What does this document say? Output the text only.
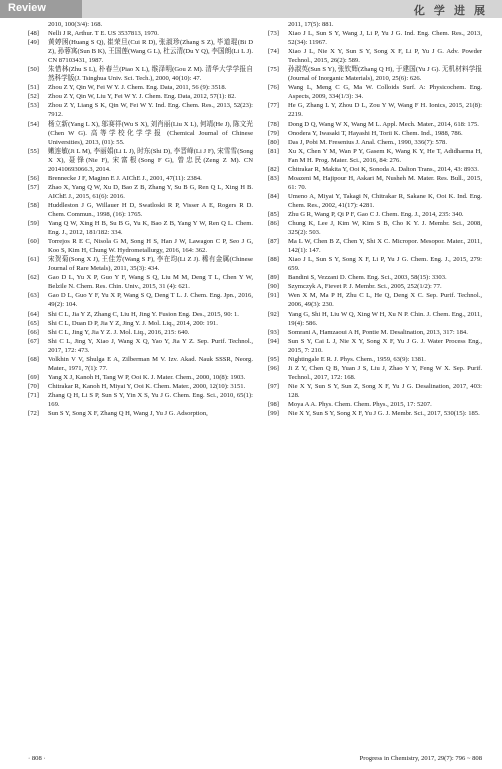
Review	化 学 进 展
2010, 100(3/4): 168.
[48] Nelli J R, Arthur. T E. US 3537813, 1970.
[49] 黄婷困(Huang S Q), 崔荣旦(Cui R D), 张淑珍(Zhang S Z), 毕道琨(Bi D Z), 孙蓉寓(Sun B K), 王国莲(Wang G L), 杜云清(Du Y Q), 李国朗(Li L J). CN 87103431, 1987.
[50] 朱惜林(Zhu S L), 朴春兰(Piao X L), 缑泽明(Gou Z M). 清华大学学报自然科学版(J. Tsinghua Univ. Sci. Tech.), 2000, 40(10): 47.
[51] Zhou Z Y, Qin W, Fei W Y. J. Chem. Eng. Data, 2011, 56 (9): 3518.
[52] Zhou Z Y, Qin W, Liu Y, Fei W Y. J. Chem. Eng. Data, 2012, 57(1): 82.
[53] Zhou Z Y, Liang S K, Qin W, Fei W Y. Ind. Eng. Chem. Res., 2013, 52(23): 7912.
[54] 杨立新(Yang L X), 邬赛祥(Wu S X), 刘肖丽(Liu X L), 何靖(He J), 陈文光(Chen W G). 高等学校化学学报 (Chemical Journal of Chinese Universities), 2013, (01): 55.
[55] 嫩连敏(Ji L M), 李丽娟(Li L J), 时东(Shi D), 李晋峰(Li J F), 宋雪雪(Song X X), 聂锋(Nie F), 宋富根(Song F G), 曾忠民(Zeng Z M). CN 201410693066.3, 2014.
[56] Brennecke J F, Maginn E J. AIChE J., 2001, 47(11): 2384.
[57] Zhao X, Yang Q W, Xu D, Bao Z B, Zhang Y, Su B G, Ren Q L, Xing H B. AIChE J., 2015, 61(6): 2016.
[58] Huddleston J G, Willauer H D, Swatloski R P, Visser A E, Rogers R D. Chem. Commun., 1998, (16): 1765.
[59] Yang Q W, Xing H B, Su B G, Yu K, Bao Z B, Yang Y W, Ren Q L. Chem. Eng. J., 2012, 181/182: 334.
[60] Torrejos R E C, Nisola G M, Song H S, Han J W, Lawagon C P, Seo J G, Koo S, Kim H, Chung W. Hydrometallurgy, 2016, 164: 362.
[61] 宋贺菊(Song X J), 王佳芳(Wang S F), 李在均(Li Z J). 稀有金属(Chinese Journal of Rare Metals), 2011, 35(3): 434.
[62] Gao D L, Yu X P, Guo Y F, Wang S Q, Liu M M, Deng T L, Chen Y W, Belzile N. Chem. Res. Chin. Univ., 2015, 31 (4): 621.
[63] Gao D L, Guo Y F, Yu X P, Wang S Q, Deng T L. J. Chem. Eng. Jpn., 2016, 49(2): 104.
[64] Shi C L, Jia Y Z, Zhang C, Liu H, Jing Y. Fusion Eng. Des., 2015, 90: 1.
[65] Shi C L, Duan D P, Jia Y Z, Jing Y. J. Mol. Liq., 2014, 200: 191.
[66] Shi C L, Jing Y, Jia Y Z. J. Mol. Liq., 2016, 215: 640.
[67] Shi C L, Jing Y, Xiao J, Wang X Q, Yao Y, Jia Y Z. Sep. Purif. Technol., 2017, 172: 473.
[68] Volkhin V V, Shulga E A, Zilberman M V. Izv. Akad. Nauk SSSR, Neorg. Mater., 1971, 7(1): 77.
[69] Yang X J, Kanoh H, Tang W P, Ooi K. J. Mater. Chem., 2000, 10(8): 1903.
[70] Chitrakar R, Kanoh H, Miyai Y, Ooi K. Chem. Mater., 2000, 12(10): 3151.
[71] Zhang Q H, Li S P, Sun S Y, Yin X S, Yu J G. Chem. Eng. Sci., 2010, 65(1): 169.
[72] Sun S Y, Song X F, Zhang Q H, Wang J, Yu J G. Adsorption,
2011, 17(5): 881.
[73] Xiao J L, Sun S Y, Wang J, Li P, Yu J G. Ind. Eng. Chem. Res., 2013, 52(34): 11967.
[74] Xiao J L, Nie X Y, Sun S Y, Song X F, Li P, Yu J G. Adv. Powder Technol., 2015, 26(2): 589.
[75] 孙淑英(Sun S Y), 张钦辉(Zhang Q H), 于建国(Yu J G). 无机材料学报(Journal of Inorganic Materials), 2010, 25(6): 626.
[76] Wang L, Meng C G, Ma W. Colloids Surf. A: Physicochem. Eng. Aspects, 2009, 334(1/3): 34.
[77] He G, Zhang L Y, Zhou D L, Zou Y W, Wang F H. Ionics, 2015, 21(8): 2219.
[78] Dong D Q, Wang W X, Wang M L. Appl. Mech. Mater., 2014, 618: 175.
[79] Onodera Y, Iwasaki T, Hayashi H, Torii K. Chem. Ind., 1988, 786.
[80] Das J, Pobi M. Fresenius J. Anal. Chem., 1990, 336(7): 578.
[81] Xu X, Chen Y M, Wan P Y, Gasem K, Wang K Y, He T, Adidharma H, Fan M H. Prog. Mater. Sci., 2016, 84: 276.
[82] Chitrakar R, Makita Y, Ooi K, Sonoda A. Dalton Trans., 2014, 43: 8933.
[83] Moazeni M, Hajipour H, Askari M, Nusheh M. Mater. Res. Bull., 2015, 61: 70.
[84] Umeno A, Miyai Y, Takagi N, Chitrakar R, Sakane K, Ooi K. Ind. Eng. Chem. Res., 2002, 41(17): 4281.
[85] Zhu G R, Wang P, Qi P F, Gao C J. Chem. Eng. J., 2014, 235: 340.
[86] Chung K, Lee J, Kim W, Kim S B, Cho K Y. J. Membr. Sci., 2008, 325(2): 503.
[87] Ma L W, Chen B Z, Chen Y, Shi X C. Micropor. Mesopor. Mater., 2011, 142(1): 147.
[88] Xiao J L, Sun S Y, Song X F, Li P, Yu J G. Chem. Eng. J., 2015, 279: 659.
[89] Bandini S, Vezzani D. Chem. Eng. Sci., 2003, 58(15): 3303.
[90] Szymczyk A, Fievet P. J. Membr. Sci., 2005, 252(1/2): 77.
[91] Wen X M, Ma P H, Zhu C L, He Q, Deng X C. Sep. Purif. Technol., 2006, 49(3): 230.
[92] Yang G, Shi H, Liu W Q, Xing W H, Xu N P. Chin. J. Chem. Eng., 2011, 19(4): 586.
[93] Somrani A, Hamzaoui A H, Pontie M. Desalination, 2013, 317: 184.
[94] Sun S Y, Cai L J, Nie X Y, Song X F, Yu J G. J. Water Process Eng., 2015, 7: 210.
[95] Nightingale E R. J. Phys. Chem., 1959, 63(9): 1381.
[96] Ji Z Y, Chen Q B, Yuan J S, Liu J, Zhao Y Y, Feng W X. Sep. Purif. Technol., 2017, 172: 168.
[97] Nie X Y, Sun S Y, Sun Z, Song X F, Yu J G. Desalination, 2017, 403: 128.
[98] Moya A A. Phys. Chem. Chem. Phys., 2015, 17: 5207.
[99] Nie X Y, Sun S Y, Song X F, Yu J G. J. Membr. Sci., 2017, 530(15): 185.
· 808 ·	Progress in Chemistry, 2017, 29(7): 796 ~ 808
